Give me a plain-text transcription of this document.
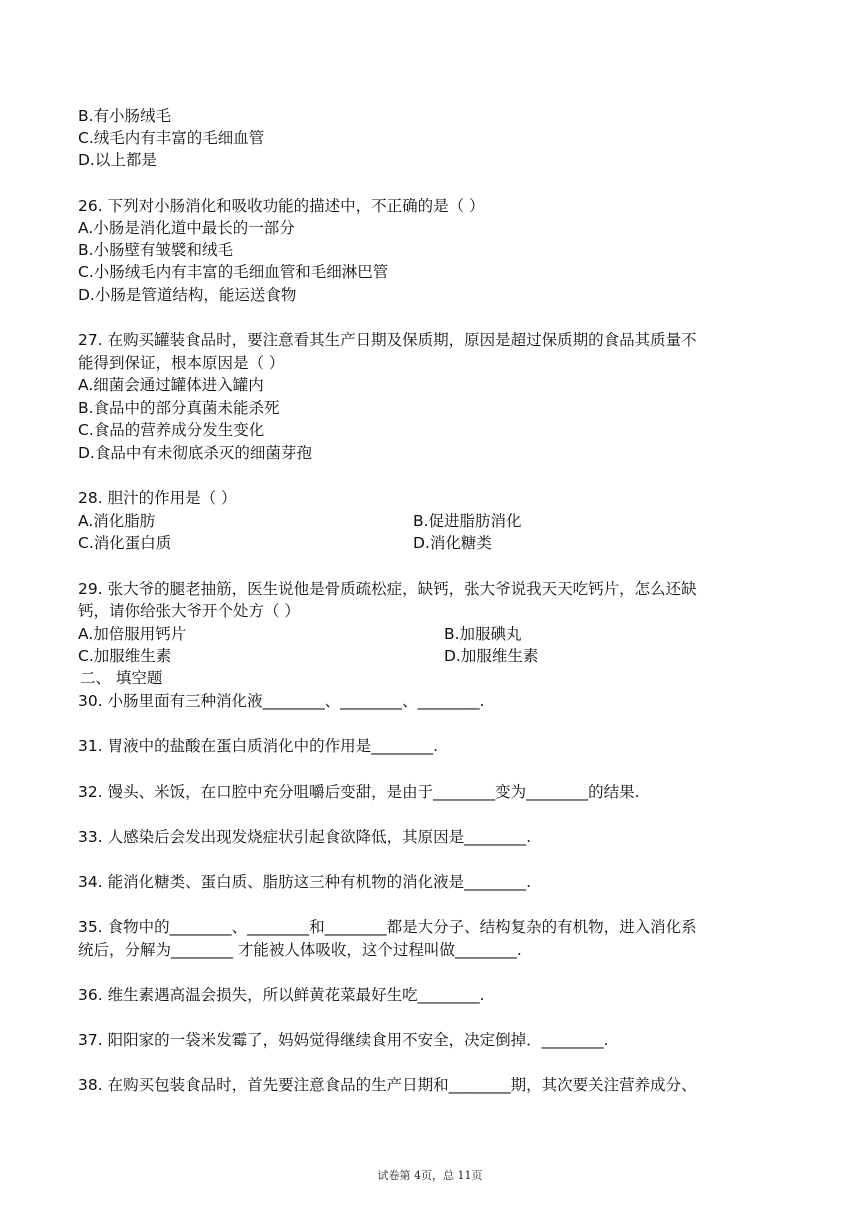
B.有小肠绒毛
C.绒毛内有丰富的毛细血管
D.以上都是
26. 下列对小肠消化和吸收功能的描述中，不正确的是（ ）
A.小肠是消化道中最长的一部分
B.小肠壁有皱襞和绒毛
C.小肠绒毛内有丰富的毛细血管和毛细淋巴管
D.小肠是管道结构，能运送食物
27. 在购买罐装食品时，要注意看其生产日期及保质期，原因是超过保质期的食品其质量不
能得到保证，根本原因是（ ）
A.细菌会通过罐体进入罐内
B.食品中的部分真菌未能杀死
C.食品的营养成分发生变化
D.食品中有未彻底杀灭的细菌芽孢
28. 胆汁的作用是（ ）
A.消化脂肪	B.促进脂肪消化
C.消化蛋白质	D.消化糖类
29. 张大爷的腿老抽筋，医生说他是骨质疏松症，缺钙，张大爷说我天天吃钙片，怎么还缺
钙，请你给张大爷开个处方（ ）
A.加倍服用钙片	B.加服碘丸
C.加服维生素	D.加服维生素
二、 填空题
30. 小肠里面有三种消化液________、________、________.
31. 胃液中的盐酸在蛋白质消化中的作用是________.
32. 馒头、米饭，在口腔中充分咀嚼后变甜，是由于________变为________的结果.
33. 人感染后会发出现发烧症状引起食欲降低，其原因是________.
34. 能消化糖类、蛋白质、脂肪这三种有机物的消化液是________.
35. 食物中的________、________和________都是大分子、结构复杂的有机物，进入消化系
统后，分解为________ 才能被人体吸收，这个过程叫做________.
36. 维生素遇高温会损失，所以鲜黄花菜最好生吃________.
37. 阳阳家的一袋米发霉了，妈妈觉得继续食用不安全，决定倒掉．________.
38. 在购买包装食品时，首先要注意食品的生产日期和________期，其次要关注营养成分、
试卷第 4页，总 11页
